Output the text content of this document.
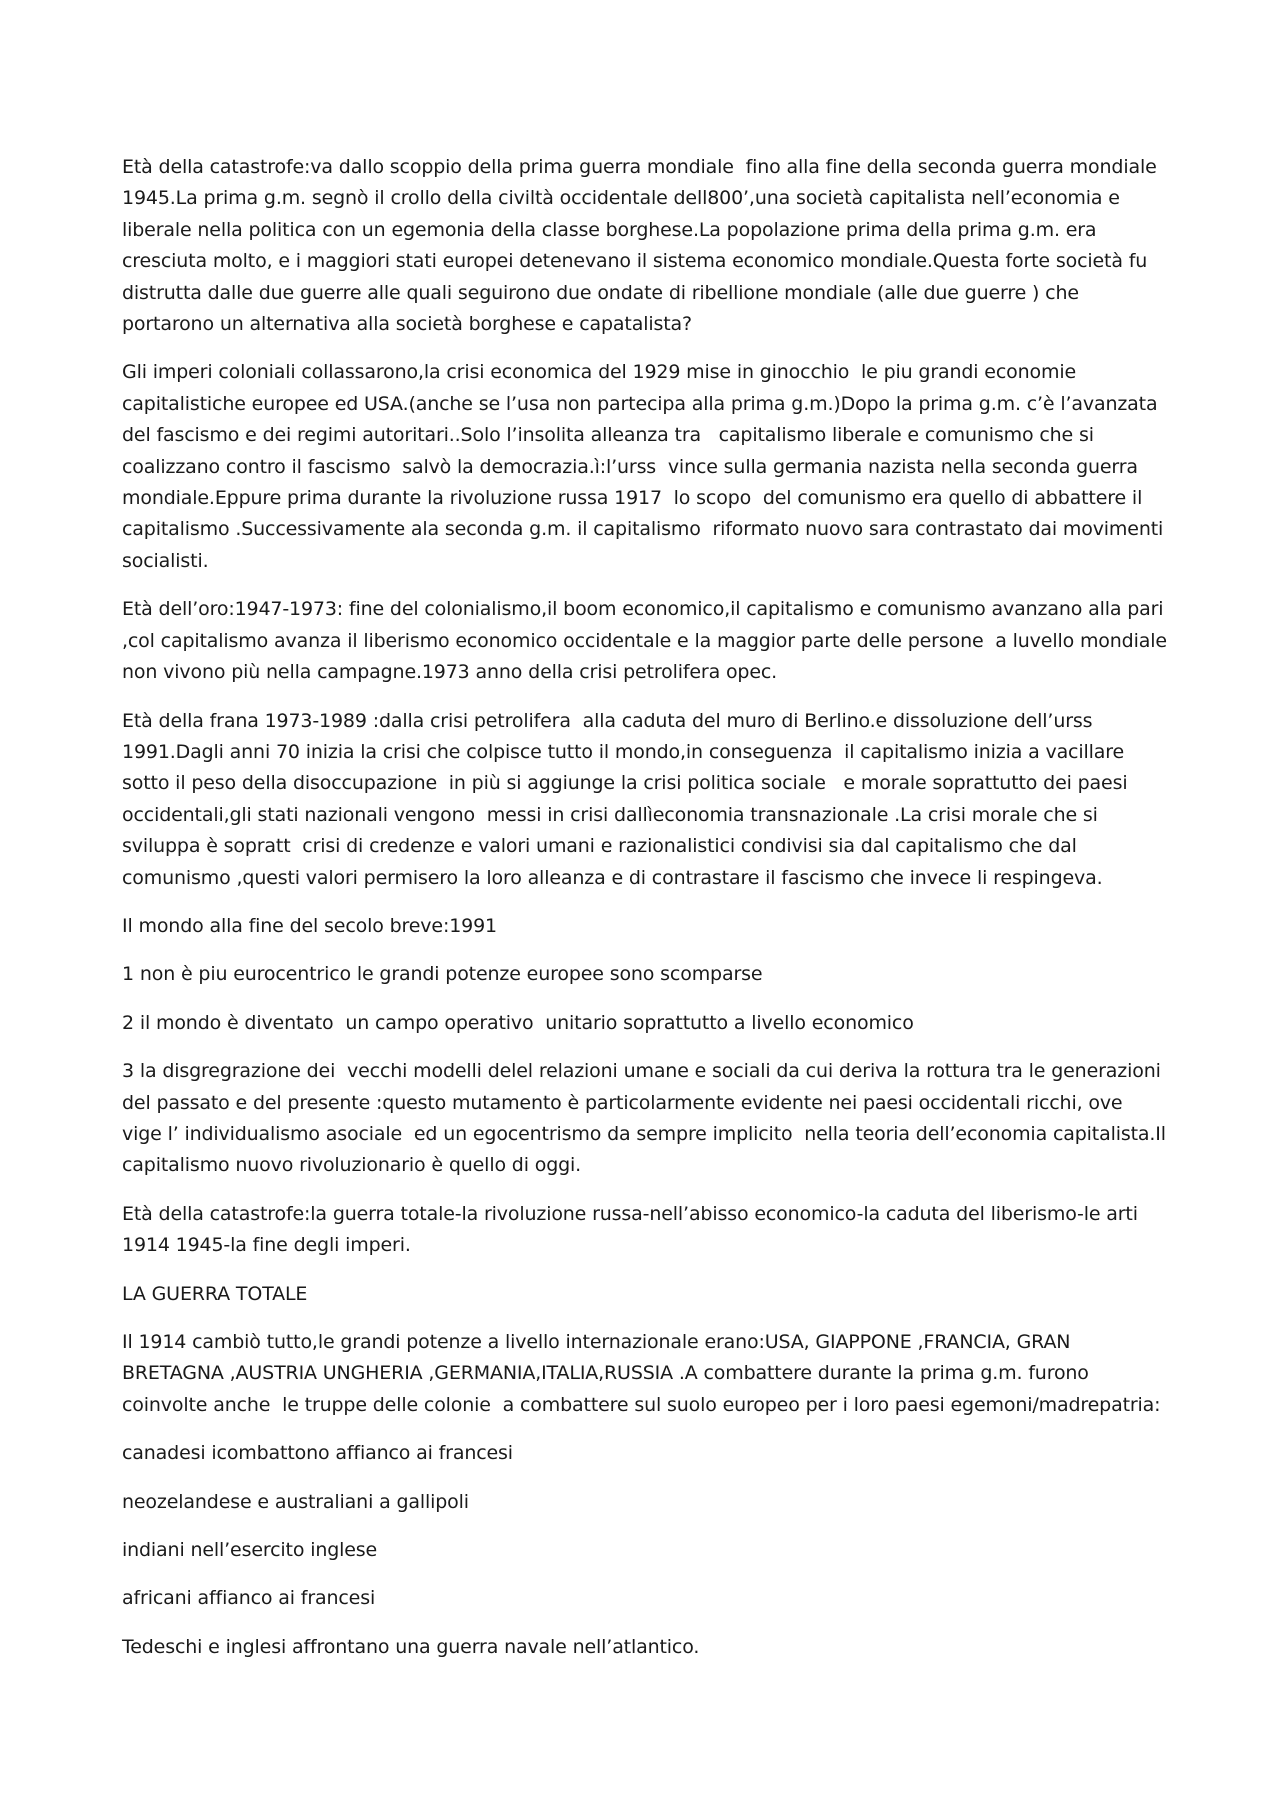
Età della catastrofe:va dallo scoppio della prima guerra mondiale  fino alla fine della seconda guerra mondiale 1945.La prima g.m. segnò il crollo della civiltà occidentale dell800’,una società capitalista nell’economia e liberale nella politica con un egemonia della classe borghese.La popolazione prima della prima g.m. era cresciuta molto, e i maggiori stati europei detenevano il sistema economico mondiale.Questa forte società fu distrutta dalle due guerre alle quali seguirono due ondate di ribellione mondiale (alle due guerre ) che portarono un alternativa alla società borghese e capatalista?

Gli imperi coloniali collassarono,la crisi economica del 1929 mise in ginocchio  le piu grandi economie capitalistiche europee ed USA.(anche se l’usa non partecipa alla prima g.m.)Dopo la prima g.m. c’è l’avanzata del fascismo e dei regimi autoritari..Solo l’insolita alleanza tra   capitalismo liberale e comunismo che si coalizzano contro il fascismo  salvò la democrazia.ì:l’urss  vince sulla germania nazista nella seconda guerra mondiale.Eppure prima durante la rivoluzione russa 1917  lo scopo  del comunismo era quello di abbattere il capitalismo .Successivamente ala seconda g.m. il capitalismo  riformato nuovo sara contrastato dai movimenti socialisti.

Età dell’oro:1947-1973: fine del colonialismo,il boom economico,il capitalismo e comunismo avanzano alla pari ,col capitalismo avanza il liberismo economico occidentale e la maggior parte delle persone  a luvello mondiale non vivono più nella campagne.1973 anno della crisi petrolifera opec.

Età della frana 1973-1989 :dalla crisi petrolifera  alla caduta del muro di Berlino.e dissoluzione dell’urss 1991.Dagli anni 70 inizia la crisi che colpisce tutto il mondo,in conseguenza  il capitalismo inizia a vacillare sotto il peso della disoccupazione  in più si aggiunge la crisi politica sociale   e morale soprattutto dei paesi occidentali,gli stati nazionali vengono  messi in crisi dallìeconomia transnazionale .La crisi morale che si sviluppa è sopratt  crisi di credenze e valori umani e razionalistici condivisi sia dal capitalismo che dal comunismo ,questi valori permisero la loro alleanza e di contrastare il fascismo che invece li respingeva.

Il mondo alla fine del secolo breve:1991

1 non è piu eurocentrico le grandi potenze europee sono scomparse

2 il mondo è diventato  un campo operativo  unitario soprattutto a livello economico

3 la disgregrazione dei  vecchi modelli delel relazioni umane e sociali da cui deriva la rottura tra le generazioni del passato e del presente :questo mutamento è particolarmente evidente nei paesi occidentali ricchi, ove vige l’ individualismo asociale  ed un egocentrismo da sempre implicito  nella teoria dell’economia capitalista.Il capitalismo nuovo rivoluzionario è quello di oggi.

Età della catastrofe:la guerra totale-la rivoluzione russa-nell’abisso economico-la caduta del liberismo-le arti 1914 1945-la fine degli imperi.

LA GUERRA TOTALE

Il 1914 cambiò tutto,le grandi potenze a livello internazionale erano:USA, GIAPPONE ,FRANCIA, GRAN BRETAGNA ,AUSTRIA UNGHERIA ,GERMANIA,ITALIA,RUSSIA .A combattere durante la prima g.m. furono coinvolte anche  le truppe delle colonie  a combattere sul suolo europeo per i loro paesi egemoni/madrepatria:

canadesi icombattono affianco ai francesi

neozelandese e australiani a gallipoli

indiani nell’esercito inglese

africani affianco ai francesi

Tedeschi e inglesi affrontano una guerra navale nell’atlantico.
